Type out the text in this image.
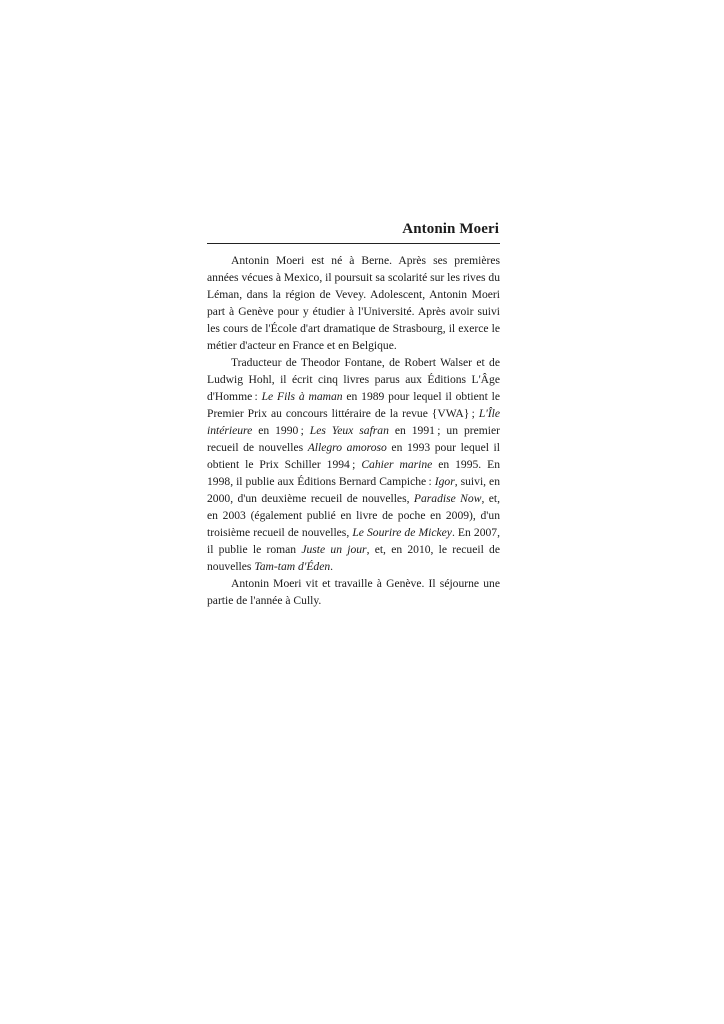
Antonin Moeri

Antonin Moeri est né à Berne. Après ses premières années vécues à Mexico, il poursuit sa scolarité sur les rives du Léman, dans la région de Vevey. Adolescent, Antonin Moeri part à Genève pour y étudier à l'Université. Après avoir suivi les cours de l'École d'art dramatique de Strasbourg, il exerce le métier d'acteur en France et en Belgique.

Traducteur de Theodor Fontane, de Robert Walser et de Ludwig Hohl, il écrit cinq livres parus aux Éditions L'Âge d'Homme : Le Fils à maman en 1989 pour lequel il obtient le Premier Prix au concours littéraire de la revue {VWA} ; L'Île intérieure en 1990 ; Les Yeux safran en 1991 ; un premier recueil de nouvelles Allegro amoroso en 1993 pour lequel il obtient le Prix Schiller 1994 ; Cahier marine en 1995. En 1998, il publie aux Éditions Bernard Campiche : Igor, suivi, en 2000, d'un deuxième recueil de nouvelles, Paradise Now, et, en 2003 (également publié en livre de poche en 2009), d'un troisième recueil de nouvelles, Le Sourire de Mickey. En 2007, il publie le roman Juste un jour, et, en 2010, le recueil de nouvelles Tam-tam d'Éden.

Antonin Moeri vit et travaille à Genève. Il séjourne une partie de l'année à Cully.
